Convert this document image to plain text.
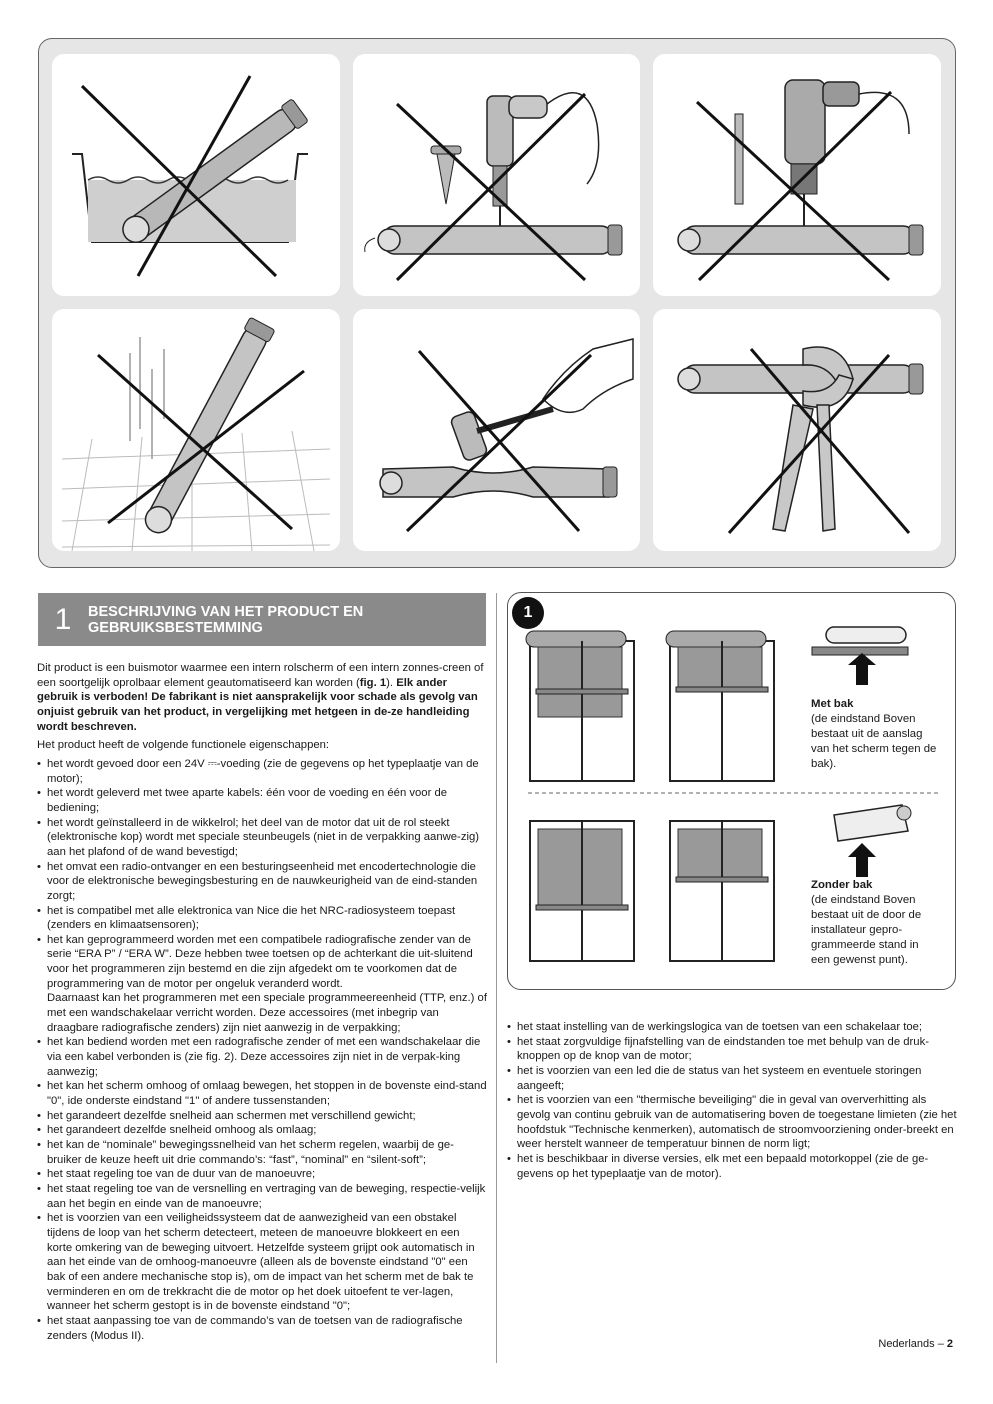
1	BESCHRIJVING VAN HET PRODUCT EN
GEBRUIKSBESTEMMING

Dit product is een buismotor waarmee een intern rolscherm of een intern zonnes-creen of een soortgelijk oprolbaar element geautomatiseerd kan worden (fig. 1). Elk ander gebruik is verboden! De fabrikant is niet aansprakelijk voor schade als gevolg van onjuist gebruik van het product, in vergelijking met hetgeen in de-ze handleiding wordt beschreven.

Het product heeft de volgende functionele eigenschappen:

• het wordt gevoed door een 24V ⎓-voeding (zie de gegevens op het typeplaatje van de motor);
• het wordt geleverd met twee aparte kabels: één voor de voeding en één voor de bediening;
• het wordt geïnstalleerd in de wikkelrol; het deel van de motor dat uit de rol steekt (elektronische kop) wordt met speciale steunbeugels (niet in de verpakking aanwe-zig) aan het plafond of de wand bevestigd;
• het omvat een radio-ontvanger en een besturingseenheid met encodertechnologie die voor de elektronische bewegingsbesturing en de nauwkeurigheid van de eind-standen zorgt;
• het is compatibel met alle elektronica van Nice die het NRC-radiosysteem toepast (zenders en klimaatsensoren);
• het kan geprogrammeerd worden met een compatibele radiografische zender van de serie “ERA P” / “ERA W”. Deze hebben twee toetsen op de achterkant die uit-sluitend voor het programmeren zijn bestemd en die zijn afgedekt om te voorkomen dat de programmering van de motor per ongeluk veranderd wordt.
Daarnaast kan het programmeren met een speciale programmeereenheid (TTP, enz.) of met een wandschakelaar verricht worden. Deze accessoires (met inbegrip van draagbare radiografische zenders) zijn niet aanwezig in de verpakking;
• het kan bediend worden met een radografische zender of met een wandschakelaar die via een kabel verbonden is (zie fig. 2). Deze accessoires zijn niet in de verpak-king aanwezig;
• het kan het scherm omhoog of omlaag bewegen, het stoppen in de bovenste eind-stand "0", ide onderste eindstand "1" of andere tussenstanden;
• het garandeert dezelfde snelheid aan schermen met verschillend gewicht;
• het garandeert dezelfde snelheid omhoog als omlaag;
• het kan de “nominale” bewegingssnelheid van het scherm regelen, waarbij de ge-bruiker de keuze heeft uit drie commando’s: “fast”, “nominal” en “silent-soft”;
• het staat regeling toe van de duur van de manoeuvre;
• het staat regeling toe van de versnelling en vertraging van de beweging, respectie-velijk aan het begin en einde van de manoeuvre;
• het is voorzien van een veiligheidssysteem dat de aanwezigheid van een obstakel tijdens de loop van het scherm detecteert, meteen de manoeuvre blokkeert en een korte omkering van de beweging uitvoert. Hetzelfde systeem grijpt ook automatisch in aan het einde van de omhoog-manoeuvre (alleen als de bovenste eindstand "0" een bak of een andere mechanische stop is), om de impact van het scherm met de bak te verminderen en om de trekkracht die de motor op het doek uitoefent te ver-lagen, wanneer het scherm gestopt is in de bovenste eindstand "0";
• het staat aanpassing toe van de commando’s van de toetsen van de radiografische zenders (Modus II).
1
Met bak
(de eindstand Boven bestaat uit de aanslag van het scherm tegen de bak).
Zonder bak
(de eindstand Boven bestaat uit de door de installateur gepro-grammeerde stand in een gewenst punt).
• het staat instelling van de werkingslogica van de toetsen van een schakelaar toe;
• het staat zorgvuldige fijnafstelling van de eindstanden toe met behulp van de druk-knoppen op de knop van de motor;
• het is voorzien van een led die de status van het systeem en eventuele storingen aangeeft;
• het is voorzien van een "thermische beveiliging" die in geval van oververhitting als gevolg van continu gebruik van de automatisering boven de toegestane limieten (zie het hoofdstuk "Technische kenmerken), automatisch de stroomvoorziening onder-breekt en weer herstelt wanneer de temperatuur binnen de norm ligt;
• het is beschikbaar in diverse versies, elk met een bepaald motorkoppel (zie de ge-gevens op het typeplaatje van de motor).
Nederlands – 2
